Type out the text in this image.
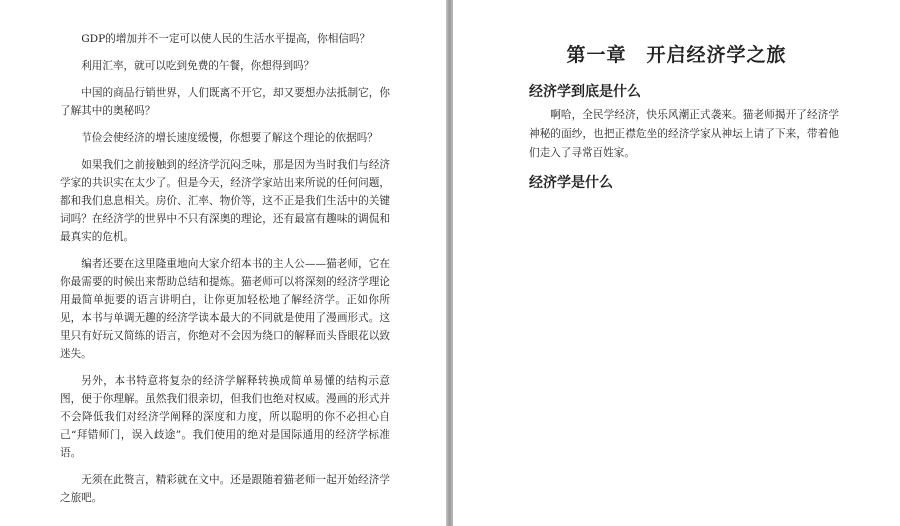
GDP的增加并不一定可以使人民的生活水平提高，你相信吗？

利用汇率，就可以吃到免费的午餐，你想得到吗？

中国的商品行销世界，人们既离不开它，却又要想办法抵制它，你了解其中的奥秘吗？

节俭会使经济的增长速度缓慢，你想要了解这个理论的依据吗？

如果我们之前接触到的经济学沉闷乏味，那是因为当时我们与经济学家的共识实在太少了。但是今天，经济学家站出来所说的任何问题，都和我们息息相关。房价、汇率、物价等，这不正是我们生活中的关键词吗？在经济学的世界中不只有深奥的理论，还有最富有趣味的调侃和最真实的危机。

编者还要在这里隆重地向大家介绍本书的主人公——猫老师，它在你最需要的时候出来帮助总结和提炼。猫老师可以将深刻的经济学理论用最简单扼要的语言讲明白，让你更加轻松地了解经济学。正如你所见，本书与单调无趣的经济学读本最大的不同就是使用了漫画形式。这里只有好玩又简练的语言，你绝对不会因为绕口的解释而头昏眼花以致迷失。

另外，本书特意将复杂的经济学解释转换成简单易懂的结构示意图，便于你理解。虽然我们很亲切，但我们也绝对权威。漫画的形式并不会降低我们对经济学阐释的深度和力度，所以聪明的你不必担心自己“拜错师门，误入歧途”。我们使用的绝对是国际通用的经济学标准语。

无须在此赘言，精彩就在文中。还是跟随着猫老师一起开始经济学之旅吧。

第一章　开启经济学之旅
经济学到底是什么

啊哈，全民学经济，快乐风潮正式袭来。猫老师揭开了经济学神秘的面纱，也把正襟危坐的经济学家从神坛上请了下来，带着他们走入了寻常百姓家。

经济学是什么
